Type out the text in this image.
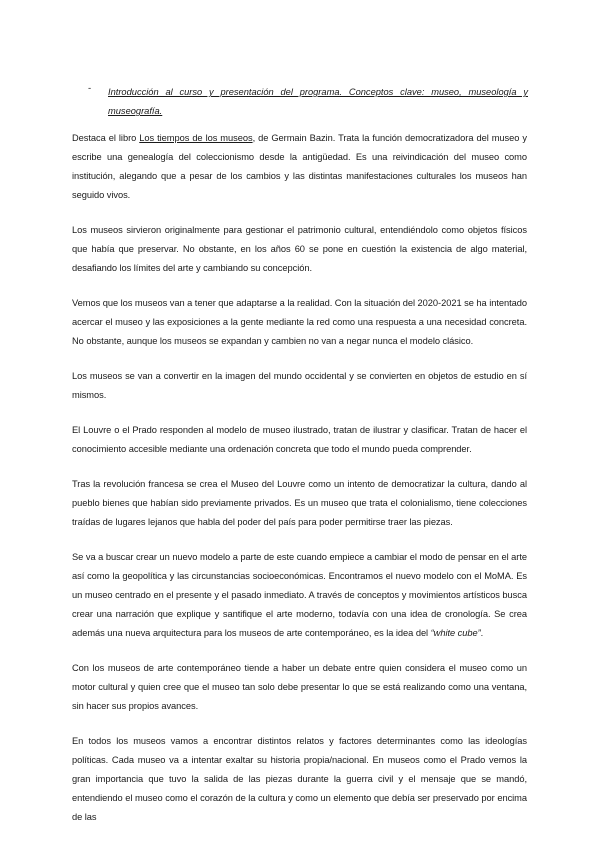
- Introducción al curso y presentación del programa. Conceptos clave: museo, museología y museografía.

Destaca el libro Los tiempos de los museos, de Germain Bazin. Trata la función democratizadora del museo y escribe una genealogía del coleccionismo desde la antigüedad. Es una reivindicación del museo como institución, alegando que a pesar de los cambios y las distintas manifestaciones culturales los museos han seguido vivos.

Los museos sirvieron originalmente para gestionar el patrimonio cultural, entendiéndolo como objetos físicos que había que preservar. No obstante, en los años 60 se pone en cuestión la existencia de algo material, desafiando los límites del arte y cambiando su concepción.

Vemos que los museos van a tener que adaptarse a la realidad. Con la situación del 2020-2021 se ha intentado acercar el museo y las exposiciones a la gente mediante la red como una respuesta a una necesidad concreta. No obstante, aunque los museos se expandan y cambien no van a negar nunca el modelo clásico.

Los museos se van a convertir en la imagen del mundo occidental y se convierten en objetos de estudio en sí mismos.

El Louvre o el Prado responden al modelo de museo ilustrado, tratan de ilustrar y clasificar. Tratan de hacer el conocimiento accesible mediante una ordenación concreta que todo el mundo pueda comprender.

Tras la revolución francesa se crea el Museo del Louvre como un intento de democratizar la cultura, dando al pueblo bienes que habían sido previamente privados. Es un museo que trata el colonialismo, tiene colecciones traídas de lugares lejanos que habla del poder del país para poder permitirse traer las piezas.

Se va a buscar crear un nuevo modelo a parte de este cuando empiece a cambiar el modo de pensar en el arte así como la geopolítica y las circunstancias socioeconómicas. Encontramos el nuevo modelo con el MoMA. Es un museo centrado en el presente y el pasado inmediato. A través de conceptos y movimientos artísticos busca crear una narración que explique y santifique el arte moderno, todavía con una idea de cronología. Se crea además una nueva arquitectura para los museos de arte contemporáneo, es la idea del “white cube”.

Con los museos de arte contemporáneo tiende a haber un debate entre quien considera el museo como un motor cultural y quien cree que el museo tan solo debe presentar lo que se está realizando como una ventana, sin hacer sus propios avances.

En todos los museos vamos a encontrar distintos relatos y factores determinantes como las ideologías políticas. Cada museo va a intentar exaltar su historia propia/nacional. En museos como el Prado vemos la gran importancia que tuvo la salida de las piezas durante la guerra civil y el mensaje que se mandó, entendiendo el museo como el corazón de la cultura y como un elemento que debía ser preservado por encima de las
